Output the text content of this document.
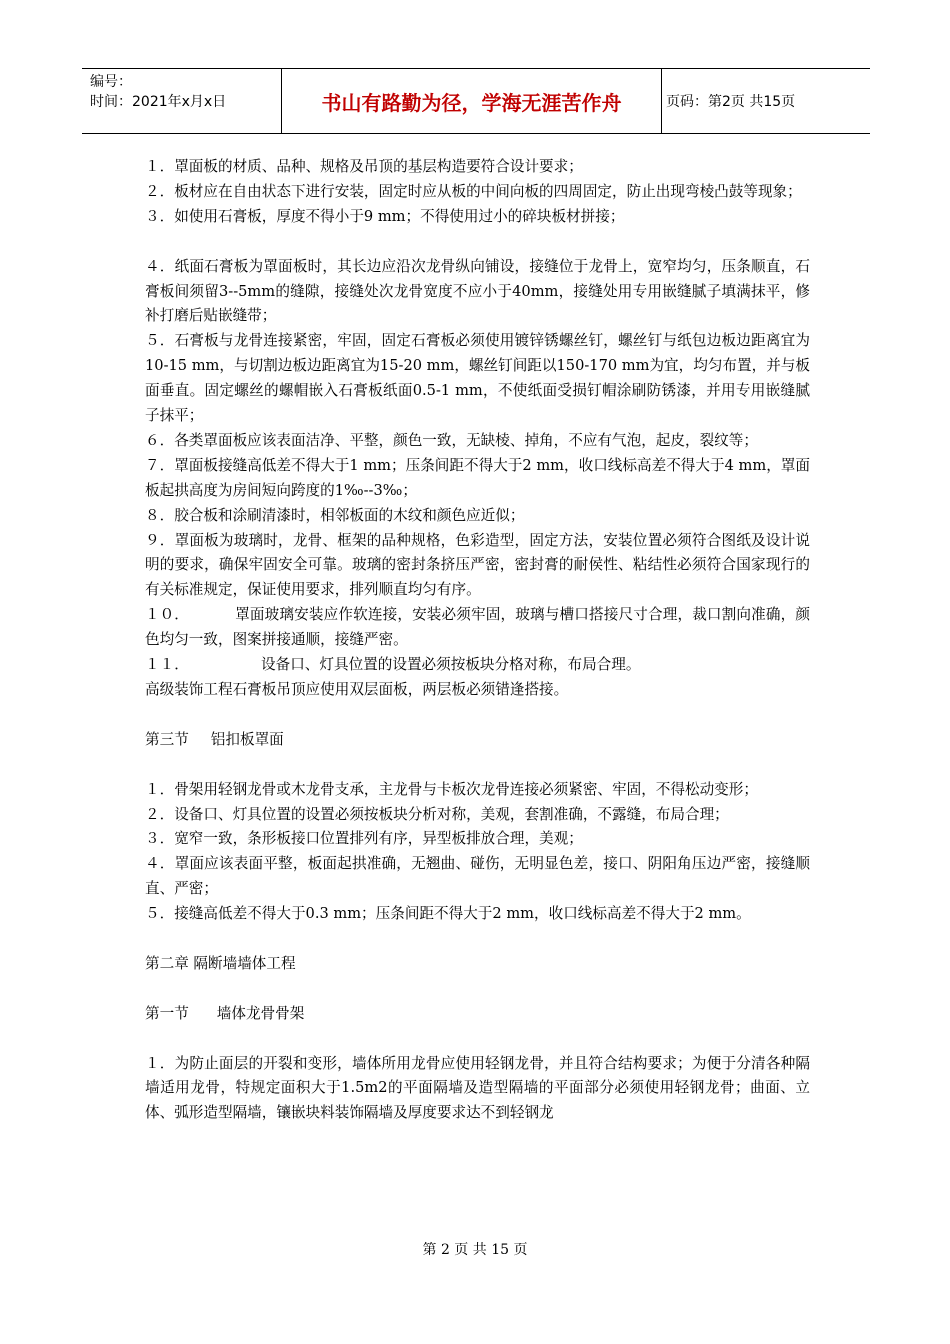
编号：
时间：2021年x月x日	书山有路勤为径，学海无涯苦作舟	页码：第2页 共15页

１．罩面板的材质、品种、规格及吊顶的基层构造要符合设计要求；

２．板材应在自由状态下进行安装，固定时应从板的中间向板的四周固定，防止出现弯棱凸鼓等现象；

３．如使用石膏板，厚度不得小于9 mm；不得使用过小的碎块板材拼接；

４．纸面石膏板为罩面板时，其长边应沿次龙骨纵向铺设，接缝位于龙骨上，宽窄均匀，压条顺直，石膏板间须留3--5mm的缝隙，接缝处次龙骨宽度不应小于40mm，接缝处用专用嵌缝腻子填满抹平，修补打磨后贴嵌缝带；

５．石膏板与龙骨连接紧密，牢固，固定石膏板必须使用镀锌锈螺丝钉，螺丝钉与纸包边板边距离宜为10-15 mm，与切割边板边距离宜为15-20 mm，螺丝钉间距以150-170 mm为宜，均匀布置，并与板面垂直。固定螺丝的螺帽嵌入石膏板纸面0.5-1 mm，不使纸面受损钉帽涂刷防锈漆，并用专用嵌缝腻子抹平；

６．各类罩面板应该表面洁净、平整，颜色一致，无缺棱、掉角，不应有气泡，起皮，裂纹等；

７．罩面板接缝高低差不得大于1 mm；压条间距不得大于2 mm，收口线标高差不得大于4 mm，罩面板起拱高度为房间短向跨度的1‰--3‰；

８．胶合板和涂刷清漆时，相邻板面的木纹和颜色应近似；

９．罩面板为玻璃时，龙骨、框架的品种规格，色彩造型，固定方法，安装位置必须符合图纸及设计说明的要求，确保牢固安全可靠。玻璃的密封条挤压严密，密封膏的耐侯性、粘结性必须符合国家现行的有关标准规定，保证使用要求，排列顺直均匀有序。

１０．	罩面玻璃安装应作软连接，安装必须牢固，玻璃与槽口搭接尺寸合理，裁口割向准确，颜色均匀一致，图案拼接通顺，接缝严密。

１１．	设备口、灯具位置的设置必须按板块分格对称，布局合理。

高级装饰工程石膏板吊顶应使用双层面板，两层板必须错逢搭接。

第三节 铝扣板罩面

１．骨架用轻钢龙骨或木龙骨支承，主龙骨与卡板次龙骨连接必须紧密、牢固，不得松动变形；

２．设备口、灯具位置的设置必须按板块分析对称，美观，套割准确，不露缝，布局合理；

３．宽窄一致，条形板接口位置排列有序，异型板排放合理，美观；

４．罩面应该表面平整，板面起拱准确，无翘曲、碰伤，无明显色差，接口、阴阳角压边严密，接缝顺直、严密；

５．接缝高低差不得大于0.3 mm；压条间距不得大于2 mm，收口线标高差不得大于2 mm。

第二章 隔断墙墙体工程

第一节 墙体龙骨骨架

１．为防止面层的开裂和变形，墙体所用龙骨应使用轻钢龙骨，并且符合结构要求；为便于分清各种隔墙适用龙骨，特规定面积大于1.5m2的平面隔墙及造型隔墙的平面部分必须使用轻钢龙骨；曲面、立体、弧形造型隔墙，镶嵌块料装饰隔墙及厚度要求达不到轻钢龙

第 2 页 共 15 页
